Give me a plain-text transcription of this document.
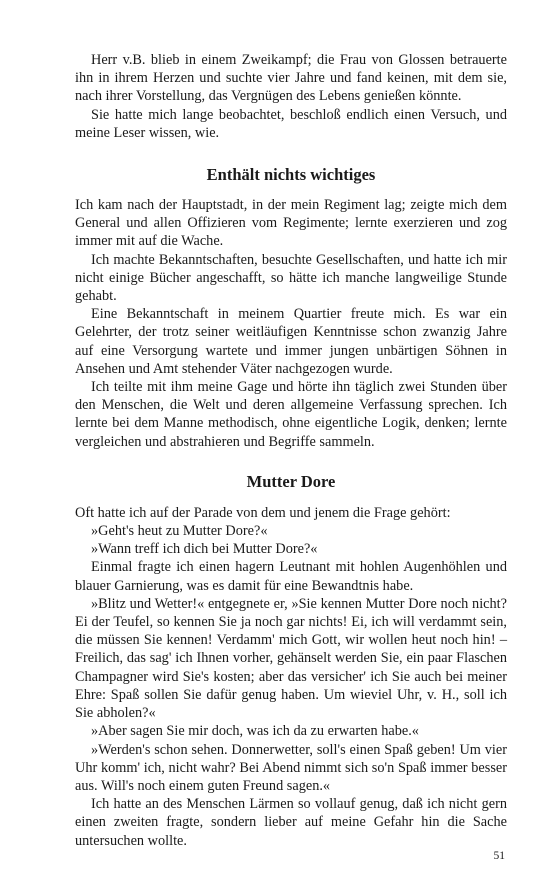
Herr v.B. blieb in einem Zweikampf; die Frau von Glossen betrauerte ihn in ihrem Herzen und suchte vier Jahre und fand keinen, mit dem sie, nach ihrer Vorstellung, das Vergnügen des Lebens genießen könnte.

Sie hatte mich lange beobachtet, beschloß endlich einen Versuch, und meine Leser wissen, wie.

Enthält nichts wichtiges

Ich kam nach der Hauptstadt, in der mein Regiment lag; zeigte mich dem General und allen Offizieren vom Regimente; lernte exerzieren und zog immer mit auf die Wache.

Ich machte Bekanntschaften, besuchte Gesellschaften, und hatte ich mir nicht einige Bücher angeschafft, so hätte ich manche langweilige Stunde gehabt.

Eine Bekanntschaft in meinem Quartier freute mich. Es war ein Gelehrter, der trotz seiner weitläufigen Kenntnisse schon zwanzig Jahre auf eine Versorgung wartete und immer jungen unbärtigen Söhnen in Ansehen und Amt stehender Väter nachgezogen wurde.

Ich teilte mit ihm meine Gage und hörte ihn täglich zwei Stunden über den Menschen, die Welt und deren allgemeine Verfassung sprechen. Ich lernte bei dem Manne methodisch, ohne eigentliche Logik, denken; lernte vergleichen und abstrahieren und Begriffe sammeln.

Mutter Dore

Oft hatte ich auf der Parade von dem und jenem die Frage gehört:

»Geht's heut zu Mutter Dore?«

»Wann treff ich dich bei Mutter Dore?«

Einmal fragte ich einen hagern Leutnant mit hohlen Augenhöhlen und blauer Garnierung, was es damit für eine Bewandtnis habe.

»Blitz und Wetter!« entgegnete er, »Sie kennen Mutter Dore noch nicht? Ei der Teufel, so kennen Sie ja noch gar nichts! Ei, ich will verdammt sein, die müssen Sie kennen! Verdamm' mich Gott, wir wollen heut noch hin! – Freilich, das sag' ich Ihnen vorher, gehänselt werden Sie, ein paar Flaschen Champagner wird Sie's kosten; aber das versicher' ich Sie auch bei meiner Ehre: Spaß sollen Sie dafür genug haben. Um wieviel Uhr, v. H., soll ich Sie abholen?«

»Aber sagen Sie mir doch, was ich da zu erwarten habe.«

»Werden's schon sehen. Donnerwetter, soll's einen Spaß geben! Um vier Uhr komm' ich, nicht wahr? Bei Abend nimmt sich so'n Spaß immer besser aus. Will's noch einem guten Freund sagen.«

Ich hatte an des Menschen Lärmen so vollauf genug, daß ich nicht gern einen zweiten fragte, sondern lieber auf meine Gefahr hin die Sache untersuchen wollte.

51
